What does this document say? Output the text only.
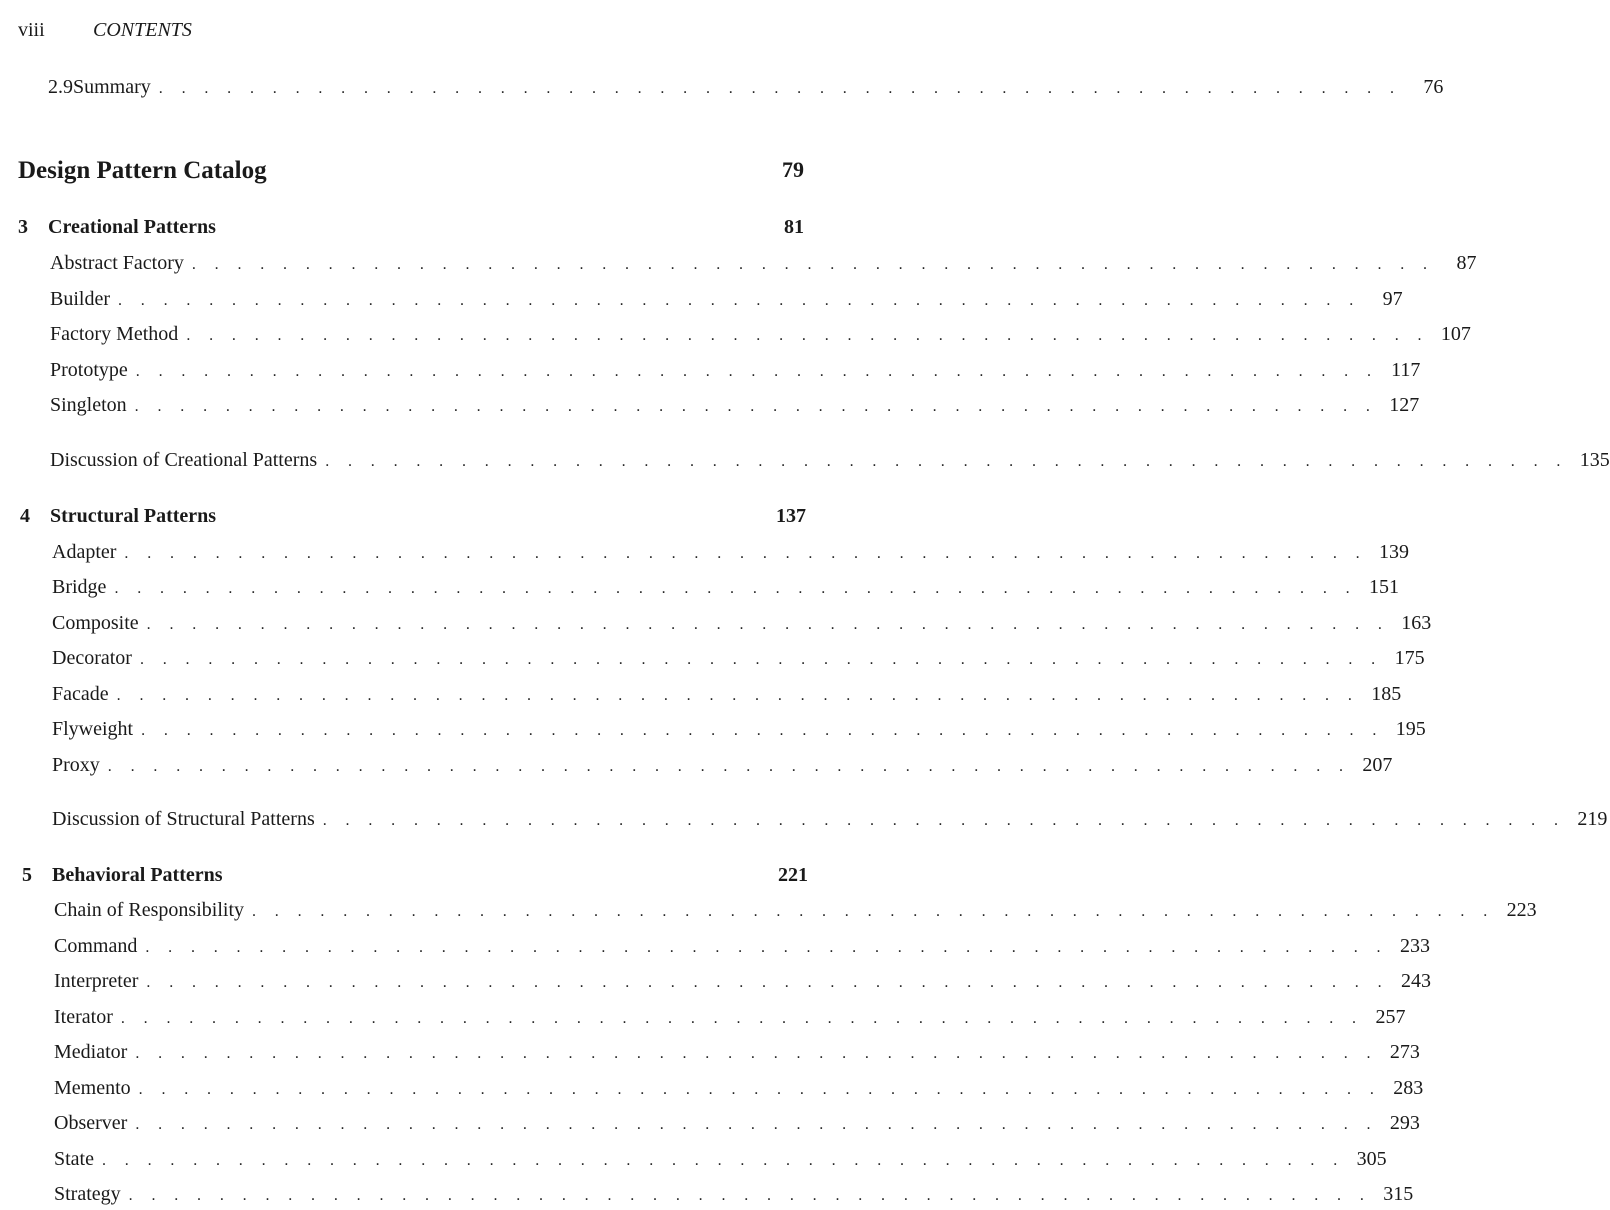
viii CONTENTS
2.9 Summary . . . . . . . . . . . . . . . . . . . . . . . . . . . . . . . . . . . . . . . . . . . . . . . . . . . . . . .	76
Design Pattern Catalog	79
3	Creational Patterns	81
Abstract Factory . . . . . . . . . . . . . . . . . . . . . . . . . . . . . . . . . . . . . . . . . . . . . . . . . . . . . . .	87
Builder . . . . . . . . . . . . . . . . . . . . . . . . . . . . . . . . . . . . . . . . . . . . . . . . . . . . . . .	97
Factory Method . . . . . . . . . . . . . . . . . . . . . . . . . . . . . . . . . . . . . . . . . . . . . . . . . . . . . . . 107
Prototype . . . . . . . . . . . . . . . . . . . . . . . . . . . . . . . . . . . . . . . . . . . . . . . . . . . . . . . 117
Singleton . . . . . . . . . . . . . . . . . . . . . . . . . . . . . . . . . . . . . . . . . . . . . . . . . . . . . . . 127
Discussion of Creational Patterns . . . . . . . . . . . . . . . . . . . . . . . . . . . . . . . . . . . . . . . . . . . . . . . . . . . . . . . 135
4	Structural Patterns	137
Adapter . . . . . . . . . . . . . . . . . . . . . . . . . . . . . . . . . . . . . . . . . . . . . . . . . . . . . . . 139
Bridge . . . . . . . . . . . . . . . . . . . . . . . . . . . . . . . . . . . . . . . . . . . . . . . . . . . . . . . 151
Composite . . . . . . . . . . . . . . . . . . . . . . . . . . . . . . . . . . . . . . . . . . . . . . . . . . . . . . . 163
Decorator . . . . . . . . . . . . . . . . . . . . . . . . . . . . . . . . . . . . . . . . . . . . . . . . . . . . . . . 175
Facade . . . . . . . . . . . . . . . . . . . . . . . . . . . . . . . . . . . . . . . . . . . . . . . . . . . . . . . 185
Flyweight . . . . . . . . . . . . . . . . . . . . . . . . . . . . . . . . . . . . . . . . . . . . . . . . . . . . . . . 195
Proxy . . . . . . . . . . . . . . . . . . . . . . . . . . . . . . . . . . . . . . . . . . . . . . . . . . . . . . . 207
Discussion of Structural Patterns . . . . . . . . . . . . . . . . . . . . . . . . . . . . . . . . . . . . . . . . . . . . . . . . . . . . . . . 219
5	Behavioral Patterns	221
Chain of Responsibility . . . . . . . . . . . . . . . . . . . . . . . . . . . . . . . . . . . . . . . . . . . . . . . . . . . . . . . 223
Command . . . . . . . . . . . . . . . . . . . . . . . . . . . . . . . . . . . . . . . . . . . . . . . . . . . . . . . 233
Interpreter . . . . . . . . . . . . . . . . . . . . . . . . . . . . . . . . . . . . . . . . . . . . . . . . . . . . . . . 243
Iterator . . . . . . . . . . . . . . . . . . . . . . . . . . . . . . . . . . . . . . . . . . . . . . . . . . . . . . . 257
Mediator . . . . . . . . . . . . . . . . . . . . . . . . . . . . . . . . . . . . . . . . . . . . . . . . . . . . . . . 273
Memento . . . . . . . . . . . . . . . . . . . . . . . . . . . . . . . . . . . . . . . . . . . . . . . . . . . . . . . 283
Observer . . . . . . . . . . . . . . . . . . . . . . . . . . . . . . . . . . . . . . . . . . . . . . . . . . . . . . . 293
State . . . . . . . . . . . . . . . . . . . . . . . . . . . . . . . . . . . . . . . . . . . . . . . . . . . . . . . 305
Strategy . . . . . . . . . . . . . . . . . . . . . . . . . . . . . . . . . . . . . . . . . . . . . . . . . . . . . . . 315
